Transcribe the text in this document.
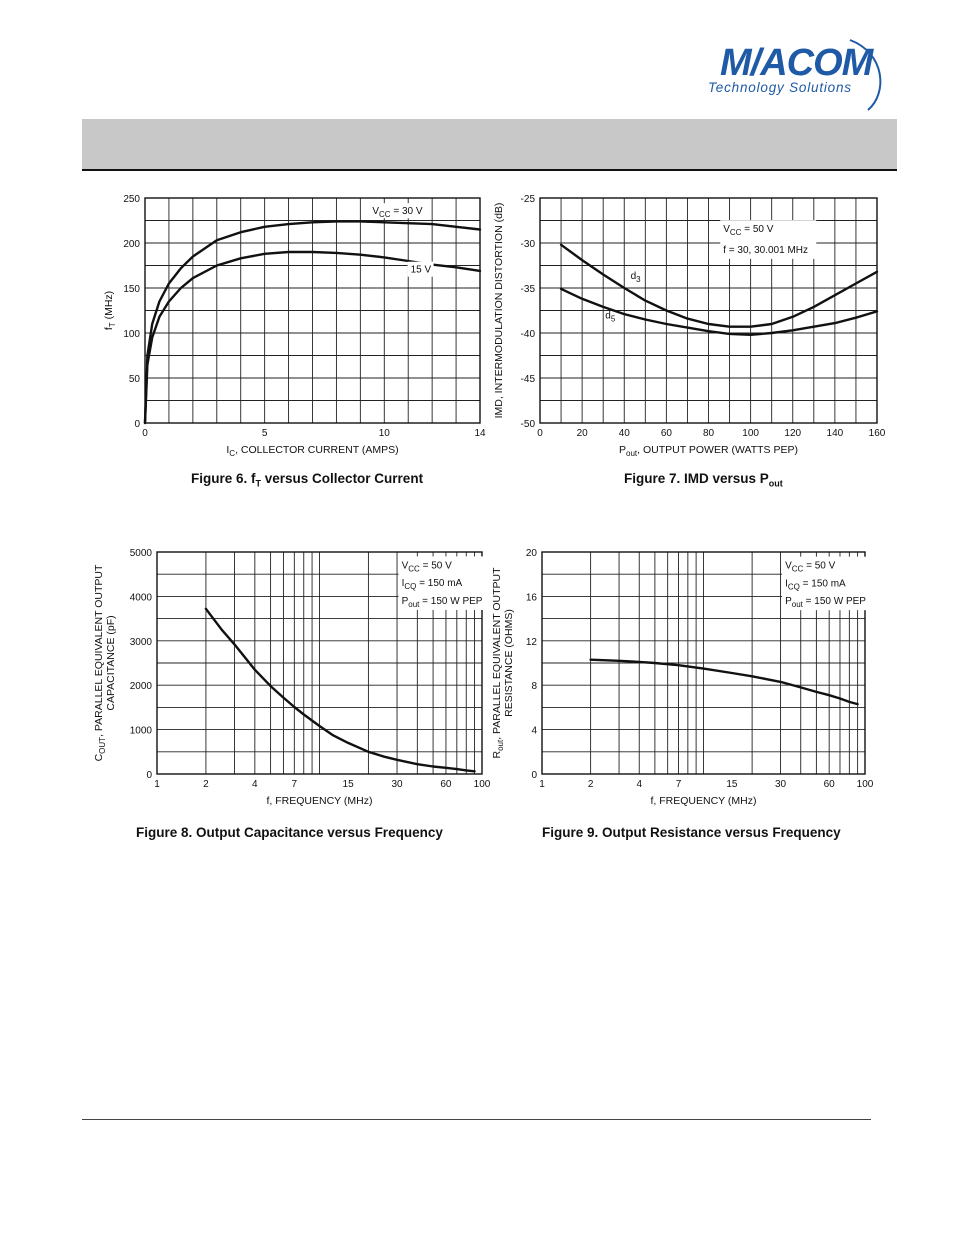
M/ACOM
Technology Solutions
0	5	10	14
0
50
100
150
200
250
$I_C$, COLLECTOR CURRENT (AMPS)
$f_T$ (MHz)
$V_{CC} = 30$ V
15 V
Figure 6. $f_T$ versus Collector Current
0	20	40	60	80	100	120	140	160
-50
-45
-40
-35
-30
-25
$P_{out}$, OUTPUT POWER (WATTS PEP)
IMD, INTERMODULATION DISTORTION (dB)	$V_{CC} = 50$ V
f = 30, 30.001 MHz
$d_3$
$d_5$
Figure 7. IMD versus $P_{out}$
1	2	4	7	15	30	60 100
0
1000
2000
3000
4000
5000
f, FREQUENCY (MHz)
$C_{OUT}$, PARALLEL EQUIVALENT OUTPUT CAPACITANCE (pF)
$V_{CC} = 50$ V
$I_{CQ} = 150$ mA
$P_{out} = 150$ W PEP
Figure 8. Output Capacitance versus Frequency
1	2	4	7	15	30	60 100
0
4
8
12
16
20
f, FREQUENCY (MHz)
$R_{out}$, PARALLEL EQUIVALENT OUTPUT RESISTANCE (OHMS)
$V_{CC} = 50$ V
$I_{CQ} = 150$ mA
$P_{out} = 150$ W PEP
Figure 9. Output Resistance versus Frequency
